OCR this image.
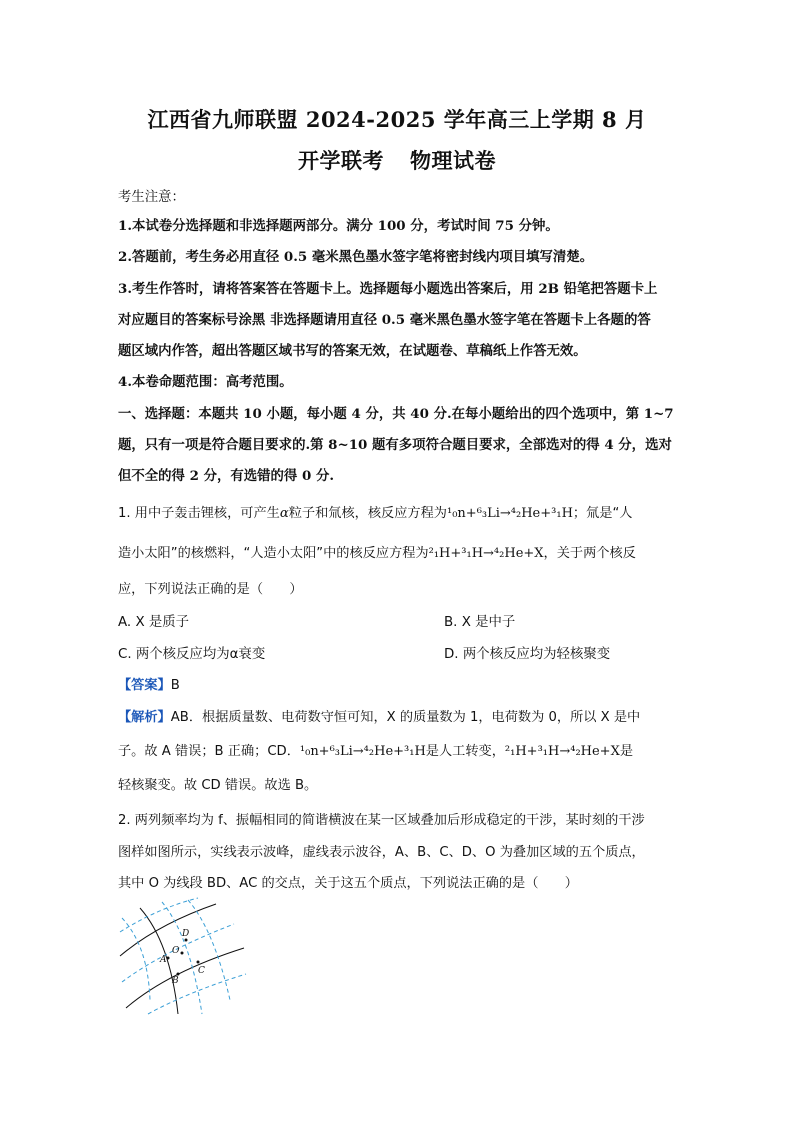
江西省九师联盟 2024-2025 学年高三上学期 8 月
开学联考 物理试卷
考生注意：
1.本试卷分选择题和非选择题两部分。满分 100 分，考试时间 75 分钟。
2.答题前，考生务必用直径 0.5 毫米黑色墨水签字笔将密封线内项目填写清楚。
3.考生作答时，请将答案答在答题卡上。选择题每小题选出答案后，用 2B 铅笔把答题卡上
对应题目的答案标号涂黑 非选择题请用直径 0.5 毫米黑色墨水签字笔在答题卡上各题的答
题区域内作答，超出答题区域书写的答案无效，在试题卷、草稿纸上作答无效。
4.本卷命题范围：高考范围。
一、选择题：本题共 10 小题，每小题 4 分，共 40 分.在每小题给出的四个选项中，第 1~7
题，只有一项是符合题目要求的.第 8~10 题有多项符合题目要求，全部选对的得 4 分，选对
但不全的得 2 分，有选错的得 0 分.
1. 用中子轰击锂核，可产生α粒子和氚核，核反应方程为¹₀n+⁶₃Li→⁴₂He+³₁H；氚是“人
造小太阳”的核燃料，“人造小太阳”中的核反应方程为²₁H+³₁H→⁴₂He+X，关于两个核反
应，下列说法正确的是（　　）
A. X 是质子	B. X 是中子
C. 两个核反应均为α衰变	D. 两个核反应均为轻核聚变
【答案】B
【解析】AB．根据质量数、电荷数守恒可知，X 的质量数为 1，电荷数为 0，所以 X 是中
子。故 A 错误；B 正确；CD．¹₀n+⁶₃Li→⁴₂He+³₁H是人工转变，²₁H+³₁H→⁴₂He+X是
轻核聚变。故 CD 错误。故选 B。
2. 两列频率均为 f、振幅相同的简谐横波在某一区域叠加后形成稳定的干涉，某时刻的干涉
图样如图所示，实线表示波峰，虚线表示波谷，A、B、C、D、O 为叠加区域的五个质点，
其中 O 为线段 BD、AC 的交点，关于这五个质点，下列说法正确的是（　　）
D
O
A
C
B
